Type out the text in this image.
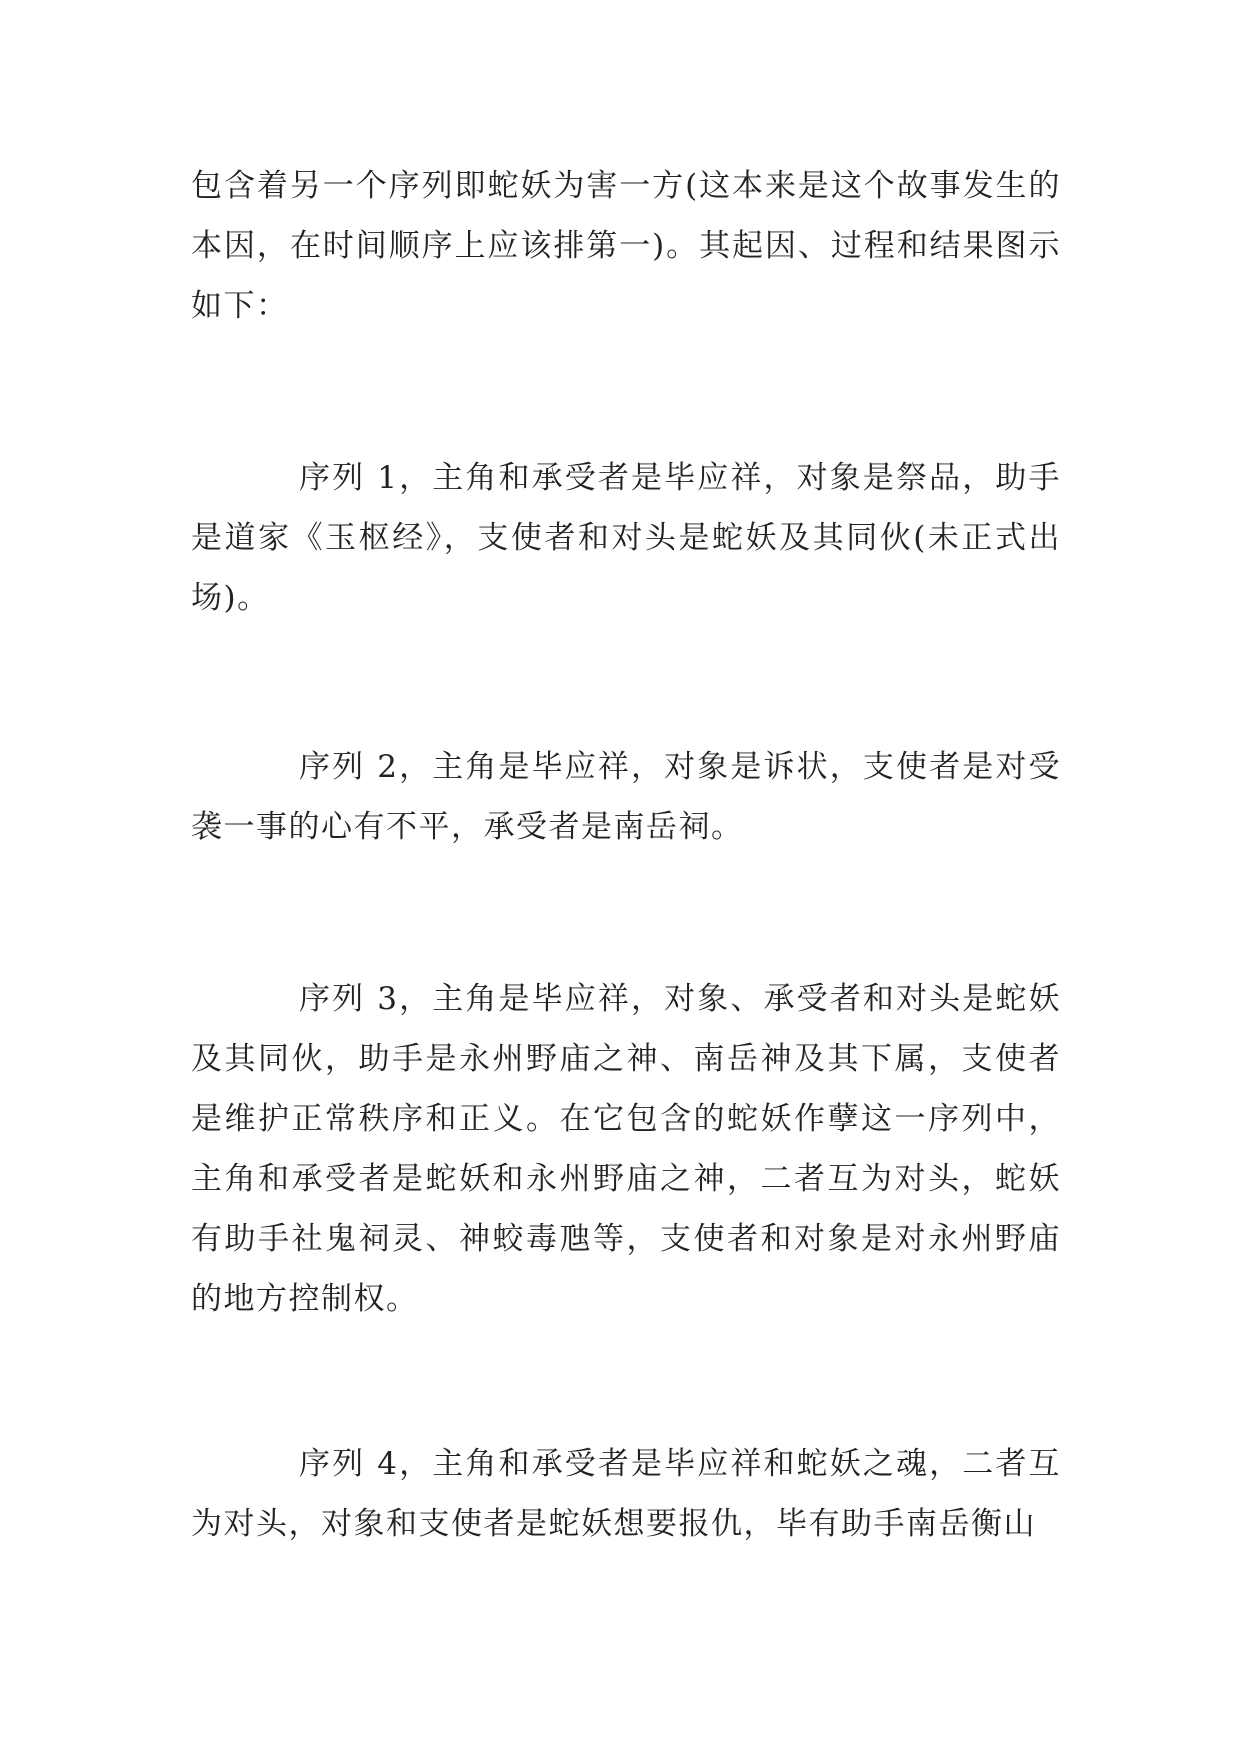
包含着另一个序列即蛇妖为害一方(这本来是这个故事发生的本因，在时间顺序上应该排第一)。其起因、过程和结果图示如下：

序列 1，主角和承受者是毕应祥，对象是祭品，助手是道家《玉枢经》，支使者和对头是蛇妖及其同伙(未正式出场)。

序列 2，主角是毕应祥，对象是诉状，支使者是对受袭一事的心有不平，承受者是南岳祠。

序列 3，主角是毕应祥，对象、承受者和对头是蛇妖及其同伙，助手是永州野庙之神、南岳神及其下属，支使者是维护正常秩序和正义。在它包含的蛇妖作孽这一序列中，主角和承受者是蛇妖和永州野庙之神，二者互为对头，蛇妖有助手社鬼祠灵、神蛟毒虺等，支使者和对象是对永州野庙的地方控制权。

序列 4，主角和承受者是毕应祥和蛇妖之魂，二者互为对头，对象和支使者是蛇妖想要报仇，毕有助手南岳衡山
